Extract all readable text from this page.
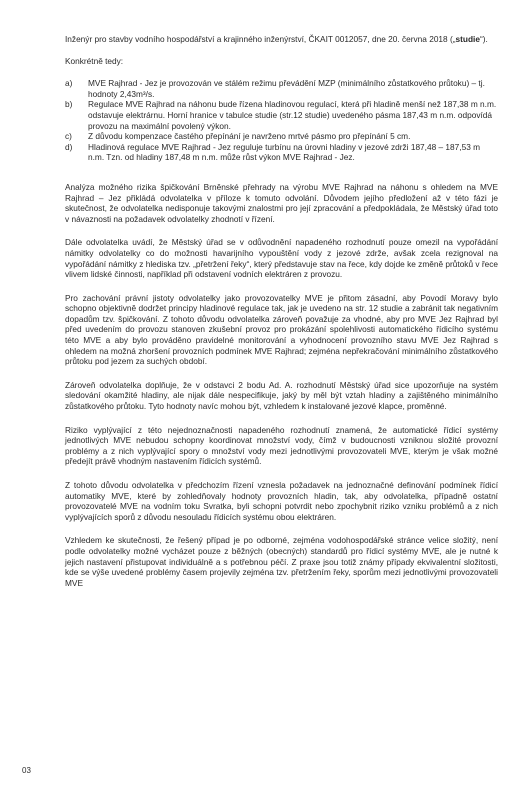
Inženýr pro stavby vodního hospodářství a krajinného inženýrství, ČKAIT 0012057, dne 20. června 2018 („studie“).

Konkrétně tedy:

a)	MVE Rajhrad - Jez je provozován ve stálém režimu převádění MZP (minimálního zůstatkového průtoku) – tj. hodnoty 2,43m³/s.
b)	Regulace MVE Rajhrad na náhonu bude řízena hladinovou regulací, která při hladině menší než 187,38 m n.m. odstavuje elektrárnu. Horní hranice v tabulce studie (str.12 studie) uvedeného pásma 187,43 m n.m. odpovídá provozu na maximální povolený výkon.
c)	Z důvodu kompenzace častého přepínání je navrženo mrtvé pásmo pro přepínání 5 cm.
d)	Hladinová regulace MVE Rajhrad - Jez reguluje turbínu na úrovni hladiny v jezové zdrži 187,48 – 187,53 m n.m. Tzn. od hladiny 187,48 m n.m. může růst výkon MVE Rajhrad - Jez.

Analýza možného rizika špičkování Brněnské přehrady na výrobu MVE Rajhrad na náhonu s ohledem na MVE Rajhrad – Jez přikládá odvolatelka v příloze k tomuto odvolání. Důvodem jejího předložení až v této fázi je skutečnost, že odvolatelka nedisponuje takovými znalostmi pro její zpracování a předpokládala, že Městský úřad toto v návaznosti na požadavek odvolatelky zhodnotí v řízení.

Dále odvolatelka uvádí, že Městský úřad se v odůvodnění napadeného rozhodnutí pouze omezil na vypořádání námitky odvolatelky co do možnosti havarijního vypouštění vody z jezové zdrže, avšak zcela rezignoval na vypořádání námitky z hlediska tzv. „přetržení řeky“, který představuje stav na řece, kdy dojde ke změně průtoků v řece vlivem lidské činnosti, například při odstavení vodních elektráren z provozu.

Pro zachování právní jistoty odvolatelky jako provozovatelky MVE je přitom zásadní, aby Povodí Moravy bylo schopno objektivně dodržet principy hladinové regulace tak, jak je uvedeno na str. 12 studie a zabránit tak negativním dopadům tzv. špičkování. Z tohoto důvodu odvolatelka zároveň považuje za vhodné, aby pro MVE Jez Rajhrad byl před uvedením do provozu stanoven zkušební provoz pro prokázání spolehlivosti automatického řídicího systému této MVE a aby bylo prováděno pravidelné monitorování a vyhodnocení provozního stavu MVE Jez Rajhrad s ohledem na možná zhoršení provozních podmínek MVE Rajhrad; zejména nepřekračování minimálního zůstatkového průtoku pod jezem za suchých období.

Zároveň odvolatelka doplňuje, že v odstavci 2 bodu Ad. A. rozhodnutí Městský úřad sice upozorňuje na systém sledování okamžité hladiny, ale nijak dále nespecifikuje, jaký by měl být vztah hladiny a zajištěného minimálního zůstatkového průtoku. Tyto hodnoty navíc mohou být, vzhledem k instalované jezové klapce, proměnné.

Riziko vyplývající z této nejednoznačnosti napadeného rozhodnutí znamená, že automatické řídicí systémy jednotlivých MVE nebudou schopny koordinovat množství vody, čímž v budoucnosti vzniknou složité provozní problémy a z nich vyplývající spory o množství vody mezi jednotlivými provozovateli MVE, kterým je však možné předejít právě vhodným nastavením řídicích systémů.

Z tohoto důvodu odvolatelka v předchozím řízení vznesla požadavek na jednoznačné definování podmínek řídicí automatiky MVE, které by zohledňovaly hodnoty provozních hladin, tak, aby odvolatelka, případně ostatní provozovatelé MVE na vodním toku Svratka, byli schopni potvrdit nebo zpochybnit riziko vzniku problémů a z nich vyplývajících sporů z důvodu nesouladu řídicích systému obou elektráren.

Vzhledem ke skutečnosti, že řešený případ je po odborné, zejména vodohospodářské stránce velice složitý, není podle odvolatelky možné vycházet pouze z běžných (obecných) standardů pro řídicí systémy MVE, ale je nutné k jejich nastavení přistupovat individuálně a s potřebnou péčí. Z praxe jsou totiž známy případy ekvivalentní složitosti, kde se výše uvedené problémy časem projevily zejména tzv. přetržením řeky, sporům mezi jednotlivými provozovateli MVE

03
